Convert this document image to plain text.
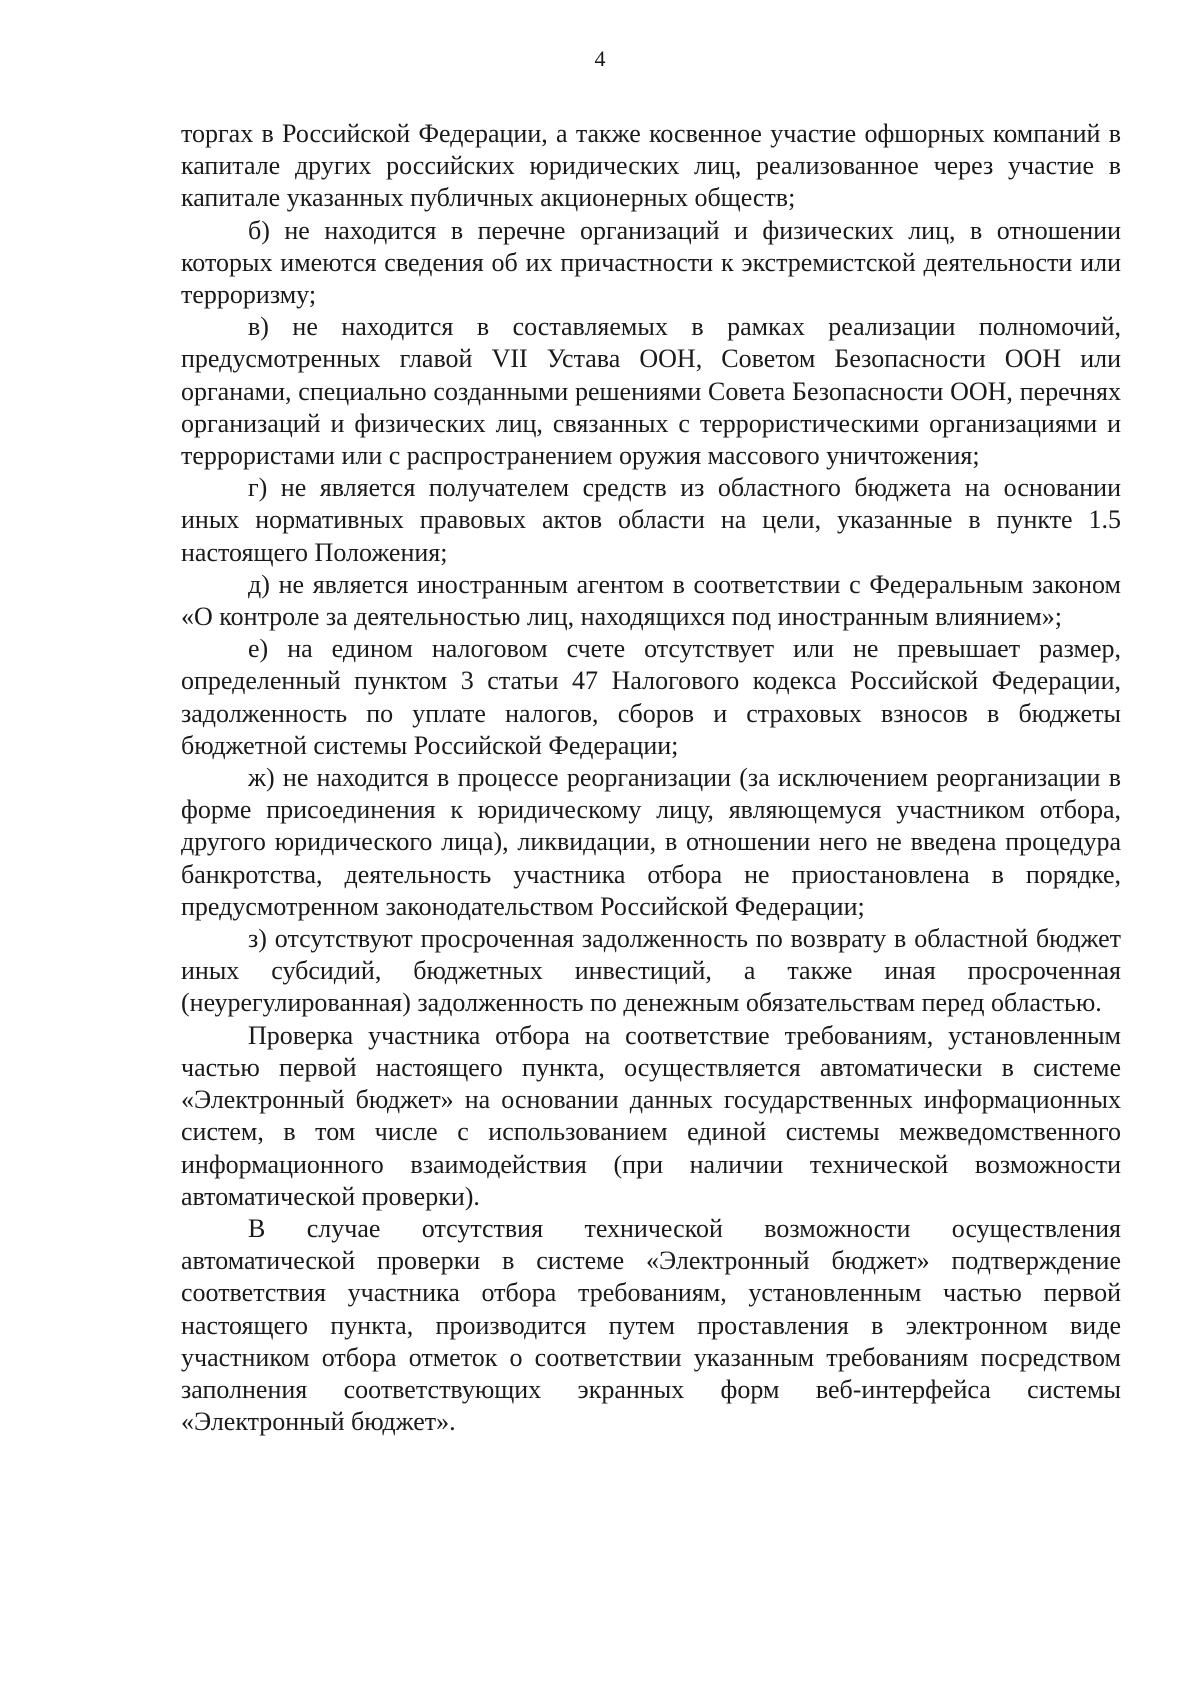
4

торгах в Российской Федерации, а также косвенное участие офшорных компаний в капитале других российских юридических лиц, реализованное через участие в капитале указанных публичных акционерных обществ;

б) не находится в перечне организаций и физических лиц, в отношении которых имеются сведения об их причастности к экстремистской деятельности или терроризму;

в) не находится в составляемых в рамках реализации полномочий, предусмотренных главой VII Устава ООН, Советом Безопасности ООН или органами, специально созданными решениями Совета Безопасности ООН, перечнях организаций и физических лиц, связанных с террористическими организациями и террористами или с распространением оружия массового уничтожения;

г) не является получателем средств из областного бюджета на основании иных нормативных правовых актов области на цели, указанные в пункте 1.5 настоящего Положения;

д) не является иностранным агентом в соответствии с Федеральным законом «О контроле за деятельностью лиц, находящихся под иностранным влиянием»;

е) на едином налоговом счете отсутствует или не превышает размер, определенный пунктом 3 статьи 47 Налогового кодекса Российской Федерации, задолженность по уплате налогов, сборов и страховых взносов в бюджеты бюджетной системы Российской Федерации;

ж) не находится в процессе реорганизации (за исключением реорганизации в форме присоединения к юридическому лицу, являющемуся участником отбора, другого юридического лица), ликвидации, в отношении него не введена процедура банкротства, деятельность участника отбора не приостановлена в порядке, предусмотренном законодательством Российской Федерации;

з) отсутствуют просроченная задолженность по возврату в областной бюджет иных субсидий, бюджетных инвестиций, а также иная просроченная (неурегулированная) задолженность по денежным обязательствам перед областью.

Проверка участника отбора на соответствие требованиям, установленным частью первой настоящего пункта, осуществляется автоматически в системе «Электронный бюджет» на основании данных государственных информационных систем, в том числе с использованием единой системы межведомственного информационного взаимодействия (при наличии технической возможности автоматической проверки).

В случае отсутствия технической возможности осуществления автоматической проверки в системе «Электронный бюджет» подтверждение соответствия участника отбора требованиям, установленным частью первой настоящего пункта, производится путем проставления в электронном виде участником отбора отметок о соответствии указанным требованиям посредством заполнения соответствующих экранных форм веб-интерфейса системы «Электронный бюджет».
